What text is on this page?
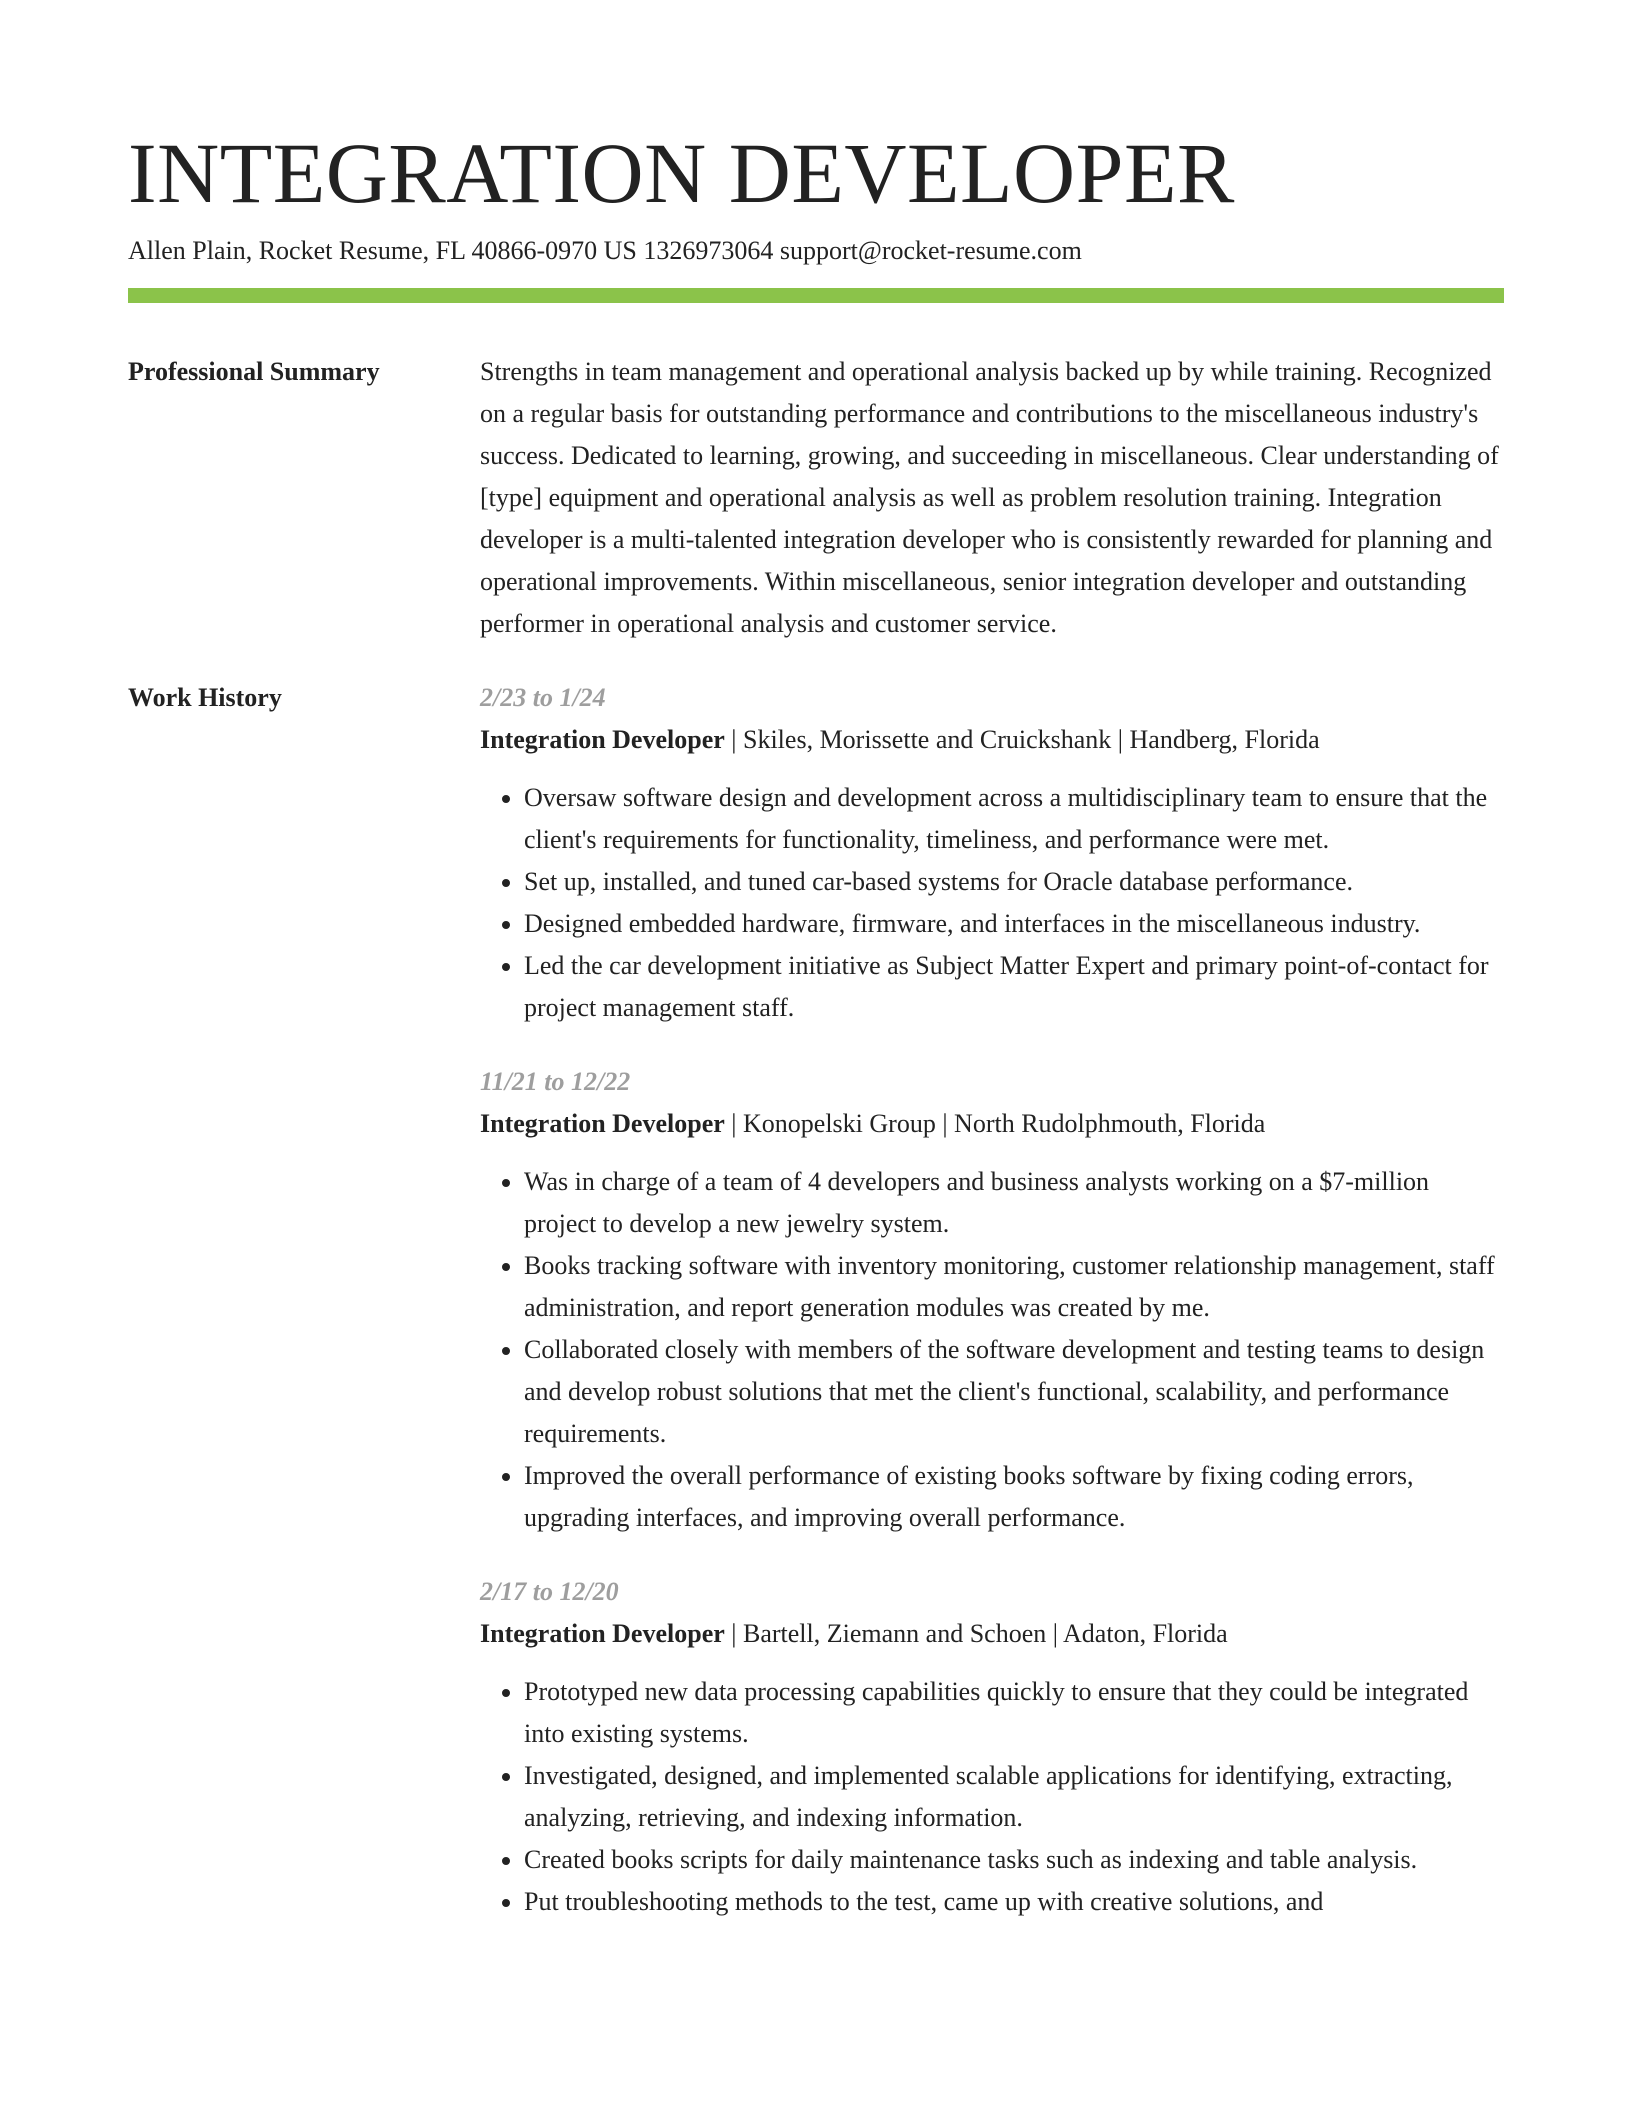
INTEGRATION DEVELOPER
Allen Plain, Rocket Resume, FL 40866-0970 US 1326973064 support@rocket-resume.com
Professional Summary	Strengths in team management and operational analysis backed up by while training. Recognized on a regular basis for outstanding performance and contributions to the miscellaneous industry's success. Dedicated to learning, growing, and succeeding in miscellaneous. Clear understanding of [type] equipment and operational analysis as well as problem resolution training. Integration developer is a multi-talented integration developer who is consistently rewarded for planning and operational improvements. Within miscellaneous, senior integration developer and outstanding performer in operational analysis and customer service.

Work History	2/23 to 1/24
Integration Developer | Skiles, Morissette and Cruickshank | Handberg, Florida
• Oversaw software design and development across a multidisciplinary team to ensure that the client's requirements for functionality, timeliness, and performance were met.
• Set up, installed, and tuned car-based systems for Oracle database performance.
• Designed embedded hardware, firmware, and interfaces in the miscellaneous industry.
• Led the car development initiative as Subject Matter Expert and primary point-of-contact for project management staff.
11/21 to 12/22
Integration Developer | Konopelski Group | North Rudolphmouth, Florida
• Was in charge of a team of 4 developers and business analysts working on a $7-million project to develop a new jewelry system.
• Books tracking software with inventory monitoring, customer relationship management, staff administration, and report generation modules was created by me.
• Collaborated closely with members of the software development and testing teams to design and develop robust solutions that met the client's functional, scalability, and performance requirements.
• Improved the overall performance of existing books software by fixing coding errors, upgrading interfaces, and improving overall performance.
2/17 to 12/20
Integration Developer | Bartell, Ziemann and Schoen | Adaton, Florida
• Prototyped new data processing capabilities quickly to ensure that they could be integrated into existing systems.
• Investigated, designed, and implemented scalable applications for identifying, extracting, analyzing, retrieving, and indexing information.
• Created books scripts for daily maintenance tasks such as indexing and table analysis.
• Put troubleshooting methods to the test, came up with creative solutions, and
